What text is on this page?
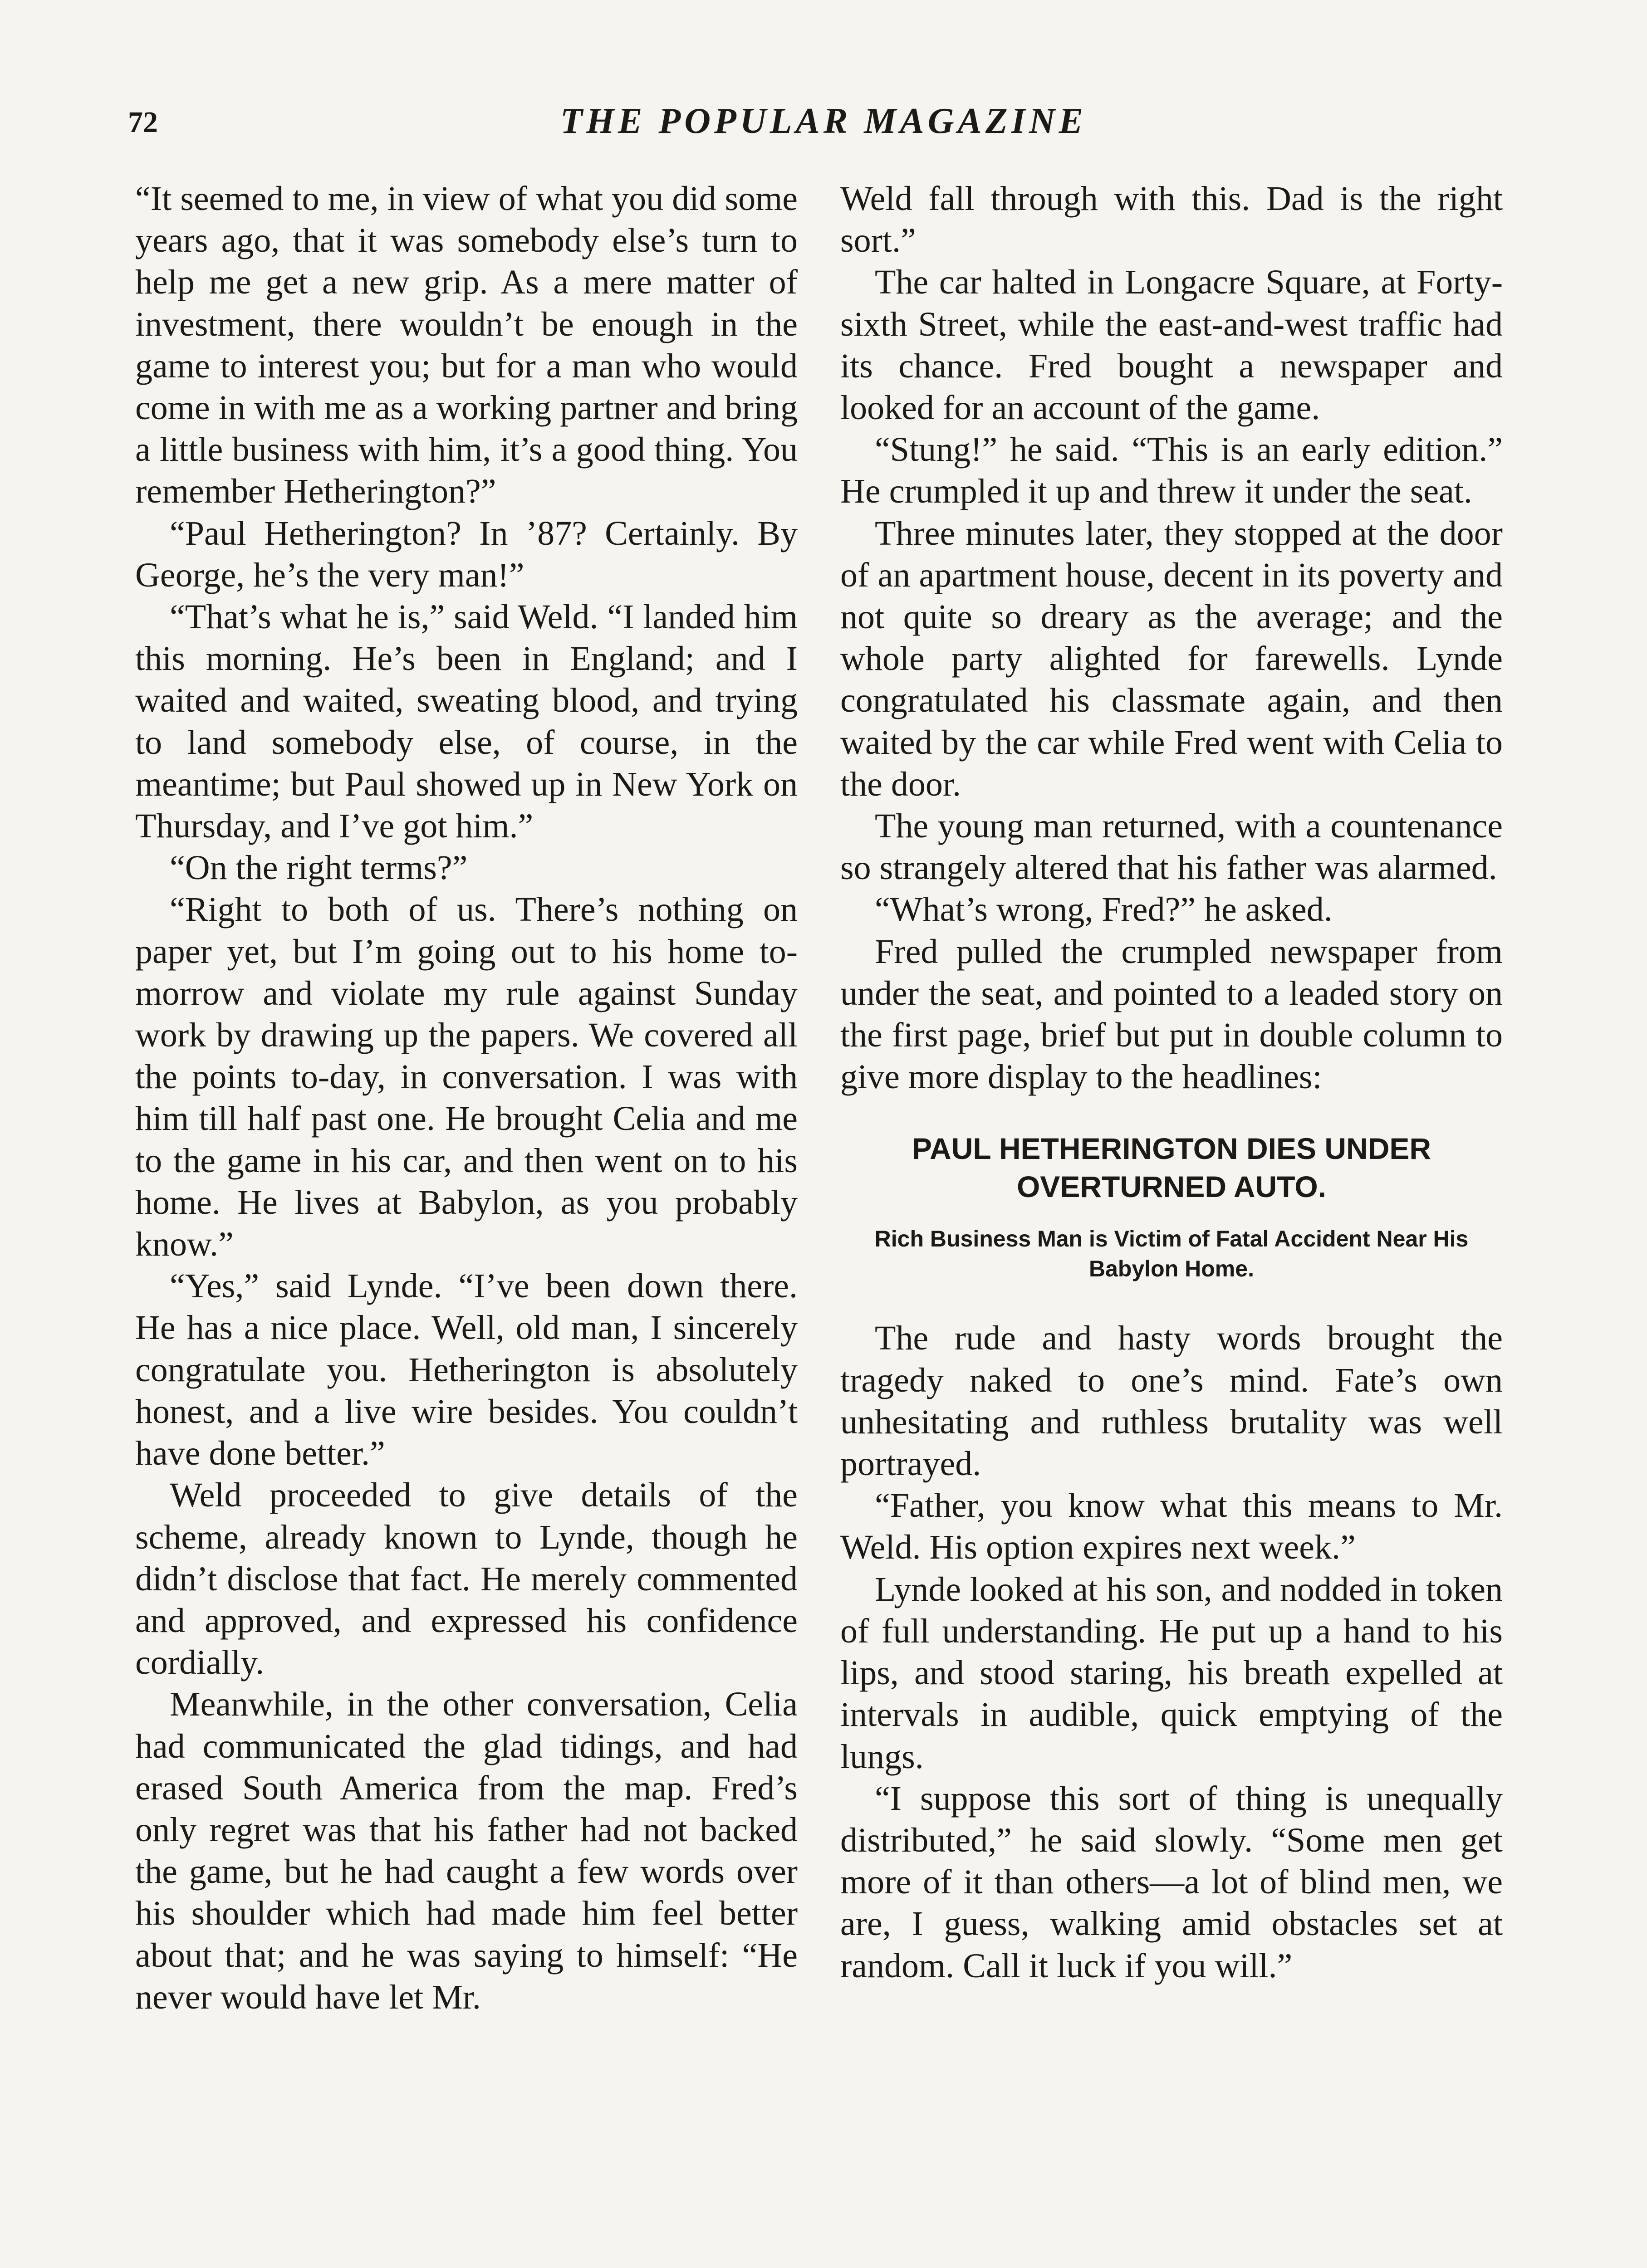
72	THE POPULAR MAGAZINE

“It seemed to me, in view of what you did some years ago, that it was somebody else’s turn to help me get a new grip. As a mere matter of investment, there wouldn’t be enough in the game to interest you; but for a man who would come in with me as a working partner and bring a little business with him, it’s a good thing. You remember Hetherington?”

“Paul Hetherington? In ’87? Certainly. By George, he’s the very man!”

“That’s what he is,” said Weld. “I landed him this morning. He’s been in England; and I waited and waited, sweating blood, and trying to land somebody else, of course, in the meantime; but Paul showed up in New York on Thursday, and I’ve got him.”

“On the right terms?”

“Right to both of us. There’s nothing on paper yet, but I’m going out to his home to-morrow and violate my rule against Sunday work by drawing up the papers. We covered all the points to-day, in conversation. I was with him till half past one. He brought Celia and me to the game in his car, and then went on to his home. He lives at Babylon, as you probably know.”

“Yes,” said Lynde. “I’ve been down there. He has a nice place. Well, old man, I sincerely congratulate you. Hetherington is absolutely honest, and a live wire besides. You couldn’t have done better.”

Weld proceeded to give details of the scheme, already known to Lynde, though he didn’t disclose that fact. He merely commented and approved, and expressed his confidence cordially.

Meanwhile, in the other conversation, Celia had communicated the glad tidings, and had erased South America from the map. Fred’s only regret was that his father had not backed the game, but he had caught a few words over his shoulder which had made him feel better about that; and he was saying to himself: “He never would have let Mr.

Weld fall through with this. Dad is the right sort.”

The car halted in Longacre Square, at Forty-sixth Street, while the east-and-west traffic had its chance. Fred bought a newspaper and looked for an account of the game.

“Stung!” he said. “This is an early edition.” He crumpled it up and threw it under the seat.

Three minutes later, they stopped at the door of an apartment house, decent in its poverty and not quite so dreary as the average; and the whole party alighted for farewells. Lynde congratulated his classmate again, and then waited by the car while Fred went with Celia to the door.

The young man returned, with a countenance so strangely altered that his father was alarmed.

“What’s wrong, Fred?” he asked.

Fred pulled the crumpled newspaper from under the seat, and pointed to a leaded story on the first page, brief but put in double column to give more display to the headlines:

PAUL HETHERINGTON DIES UNDER OVERTURNED AUTO.
Rich Business Man is Victim of Fatal Accident Near His Babylon Home.

The rude and hasty words brought the tragedy naked to one’s mind. Fate’s own unhesitating and ruthless brutality was well portrayed.

“Father, you know what this means to Mr. Weld. His option expires next week.”

Lynde looked at his son, and nodded in token of full understanding. He put up a hand to his lips, and stood staring, his breath expelled at intervals in audible, quick emptying of the lungs.

“I suppose this sort of thing is unequally distributed,” he said slowly. “Some men get more of it than others—a lot of blind men, we are, I guess, walking amid obstacles set at random. Call it luck if you will.”
